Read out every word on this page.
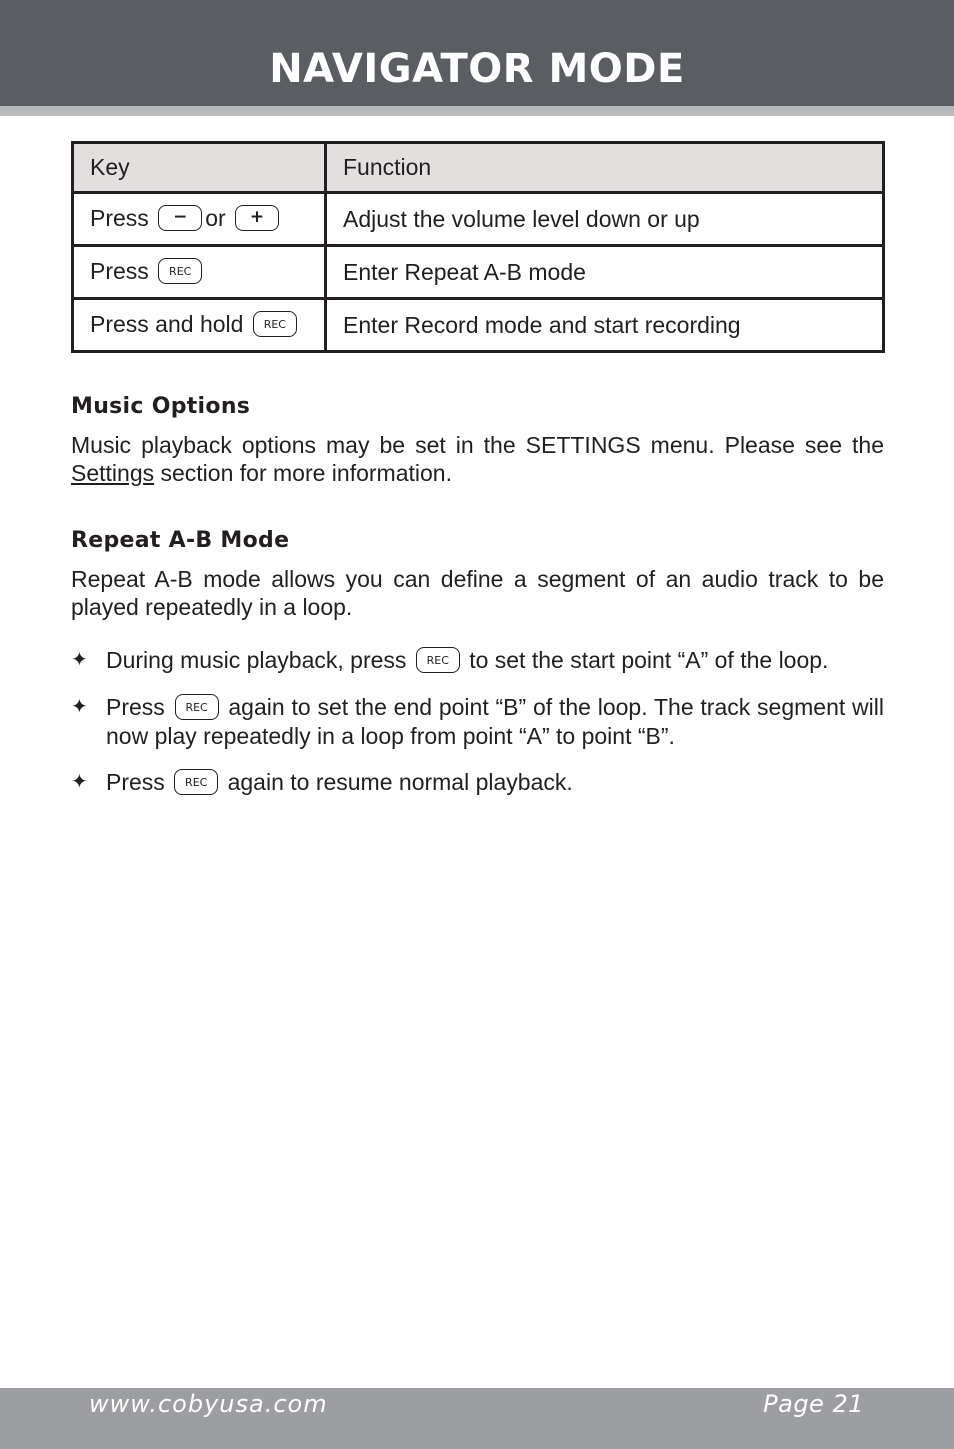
NAVIGATOR MODE
Key	Function
Press − or +	Adjust the volume level down or up
Press REC	Enter Repeat A-B mode
Press and hold REC	Enter Record mode and start recording
Music Options
Music playback options may be set in the SETTINGS menu. Please see the Settings section for more information.
Repeat A-B Mode
Repeat A-B mode allows you can define a segment of an audio track to be played repeatedly in a loop.
✦ During music playback, press REC to set the start point “A” of the loop.
✦ Press REC again to set the end point “B” of the loop. The track segment will now play repeatedly in a loop from point “A” to point “B”.
✦ Press REC again to resume normal playback.
www.cobyusa.com	Page 21
